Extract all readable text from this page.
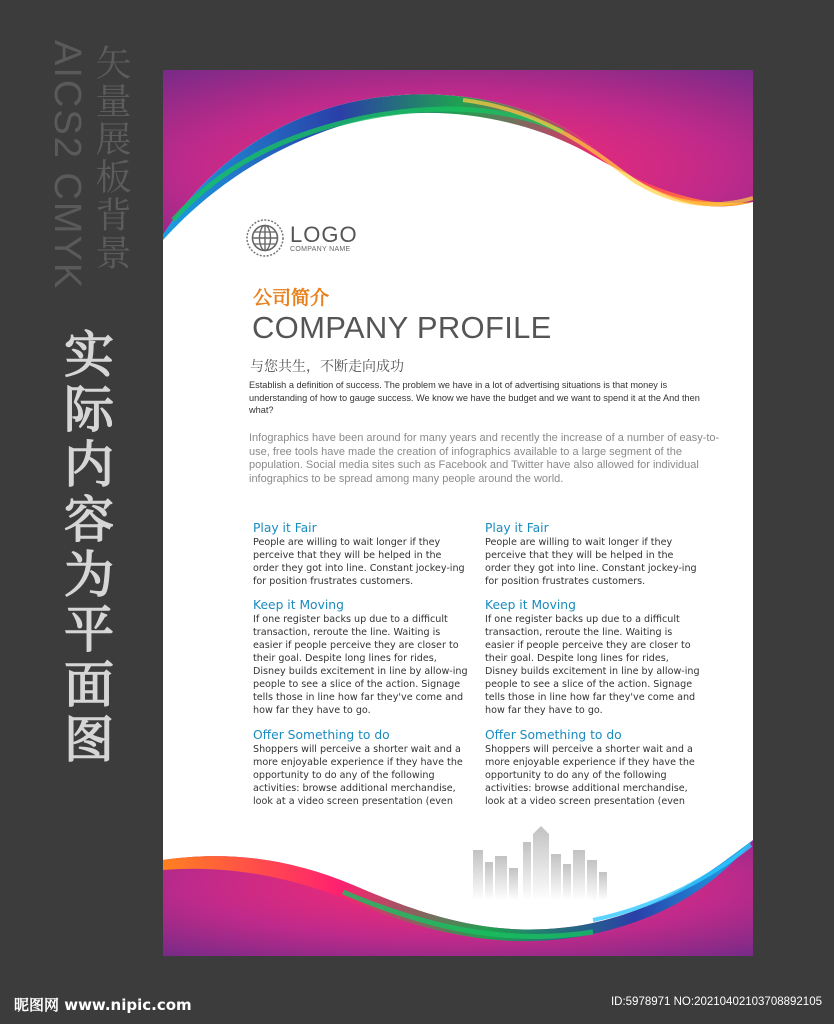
AICS2 CMYK 矢量展板背景
实际内容为平面图
LOGO
COMPANY NAME
公司简介
COMPANY PROFILE
与您共生，不断走向成功
Establish a definition of success. The problem we have in a lot of advertising situations is that money is understanding of how to gauge success. We know we have the budget and we want to spend it at the And then what?
Infographics have been around for many years and recently the increase of a number of easy-to-use, free tools have made the creation of infographics available to a large segment of the population. Social media sites such as Facebook and Twitter have also allowed for individual infographics to be spread among many people around the world.

Play it Fair

People are willing to wait longer if they perceive that they will be helped in the order they got into line. Constant jockey-ing for position frustrates customers.

Keep it Moving

If one register backs up due to a difficult transaction, reroute the line. Waiting is easier if people perceive they are closer to their goal. Despite long lines for rides, Disney builds excitement in line by allow-ing people to see a slice of the action. Signage tells those in line how far they've come and how far they have to go.

Offer Something to do

Shoppers will perceive a shorter wait and a more enjoyable experience if they have the opportunity to do any of the following activities: browse additional merchandise, look at a video screen presentation (even

Play it Fair

People are willing to wait longer if they perceive that they will be helped in the order they got into line. Constant jockey-ing for position frustrates customers.

Keep it Moving

If one register backs up due to a difficult transaction, reroute the line. Waiting is easier if people perceive they are closer to their goal. Despite long lines for rides, Disney builds excitement in line by allow-ing people to see a slice of the action. Signage tells those in line how far they've come and how far they have to go.

Offer Something to do

Shoppers will perceive a shorter wait and a more enjoyable experience if they have the opportunity to do any of the following activities: browse additional merchandise, look at a video screen presentation (even

昵图网 www.nipic.com	ID:5978971 NO:20210402103708892105
